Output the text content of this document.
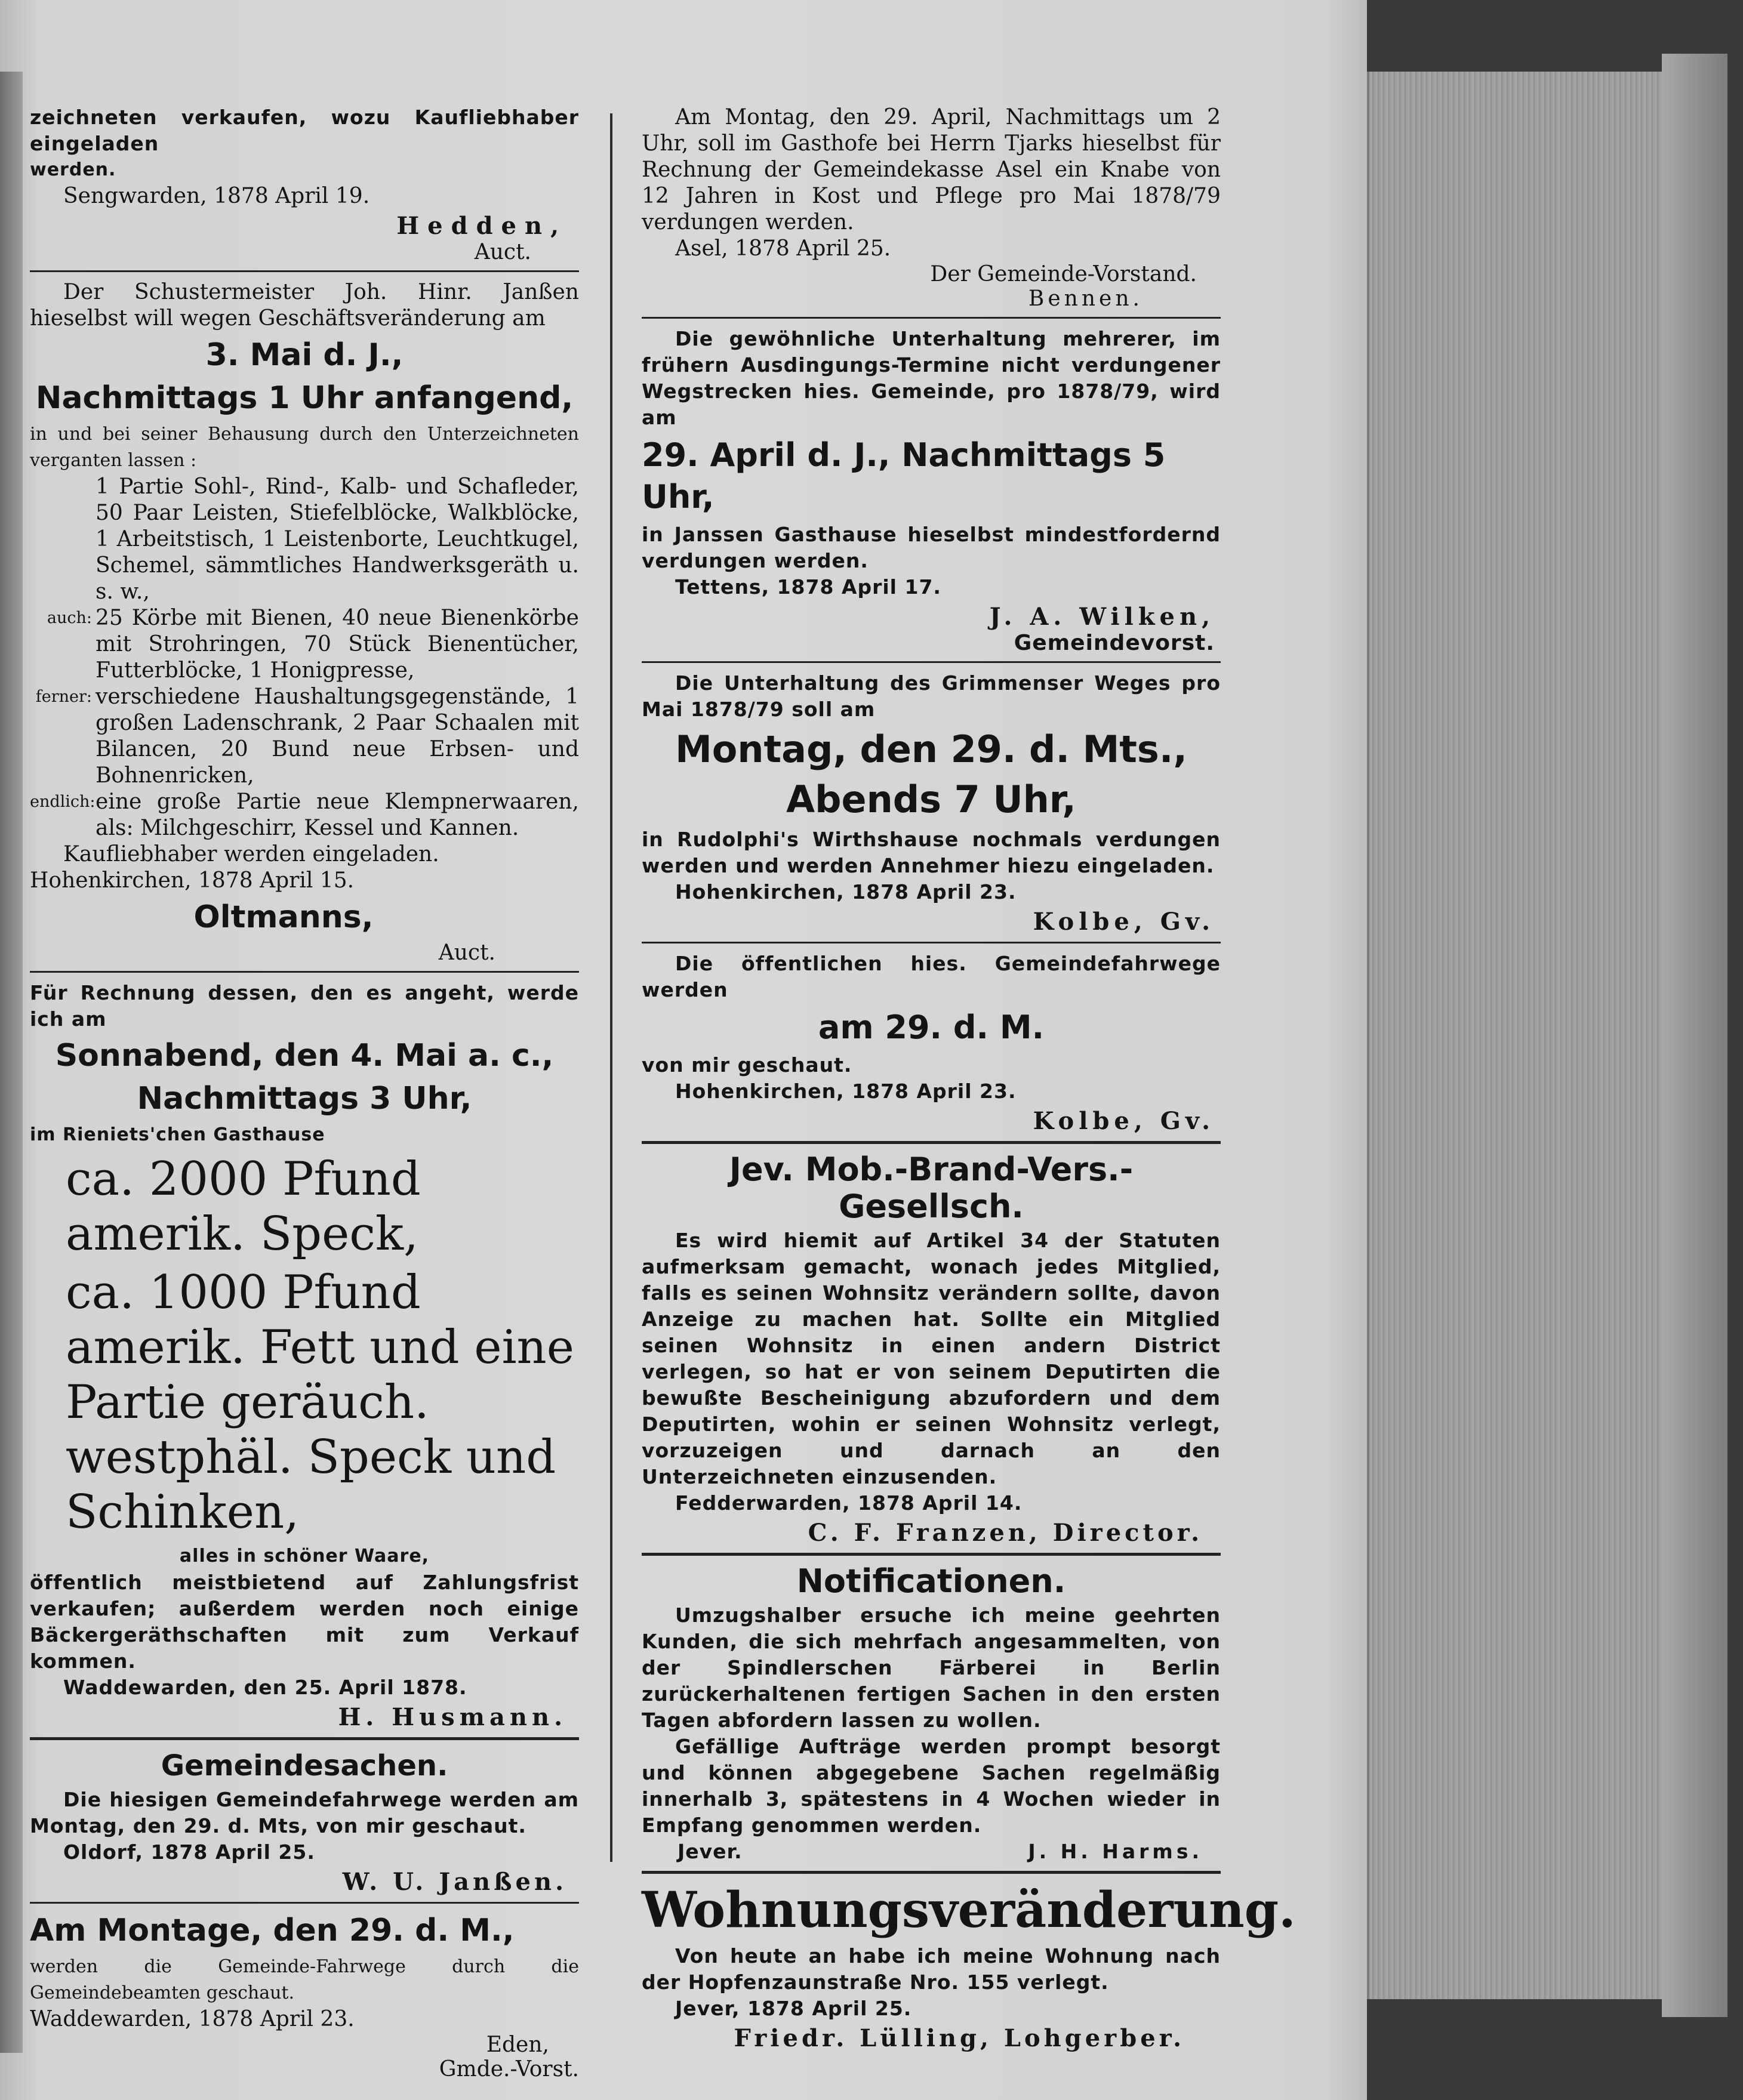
zeichneten verkaufen, wozu Kaufliebhaber eingeladen

werden.

Sengwarden, 1878 April 19.

Hedden,

Auct.

Der Schustermeister Joh. Hinr. Janßen hieselbst will wegen Geschäftsveränderung am

3. Mai d. J.,

Nachmittags 1 Uhr anfangend,

in und bei seiner Behausung durch den Unterzeichneten verganten lassen :

1 Partie Sohl-, Rind-, Kalb- und Schafleder, 50 Paar Leisten, Stiefelblöcke, Walkblöcke, 1 Arbeitstisch, 1 Leistenborte, Leuchtkugel, Schemel, sämmtliches Handwerksgeräth u. s. w.,
auch: 25 Körbe mit Bienen, 40 neue Bienenkörbe mit Strohringen, 70 Stück Bienentücher, Futterblöcke, 1 Honigpresse,
ferner: verschiedene Haushaltungsgegenstände, 1 großen Ladenschrank, 2 Paar Schaalen mit Bilancen, 20 Bund neue Erbsen- und Bohnenricken,
endlich: eine große Partie neue Klempnerwaaren, als: Milchgeschirr, Kessel und Kannen.

Kaufliebhaber werden eingeladen.

Hohenkirchen, 1878 April 15.

Oltmanns,

Auct.

Für Rechnung dessen, den es angeht, werde ich am

Sonnabend, den 4. Mai a. c.,

Nachmittags 3 Uhr,

im Rieniets'chen Gasthause

ca. 2000 Pfund amerik. Speck,

ca. 1000 Pfund amerik. Fett und eine Partie geräuch. westphäl. Speck und Schinken,

alles in schöner Waare,

öffentlich meistbietend auf Zahlungsfrist verkaufen; außerdem werden noch einige Bäckergeräthschaften mit zum Verkauf kommen.

Waddewarden, den 25. April 1878.

H. Husmann.

Gemeindesachen.

Die hiesigen Gemeindefahrwege werden am Montag, den 29. d. Mts, von mir geschaut.

Oldorf, 1878 April 25.

W. U. Janßen.

Am Montage, den 29. d. M.,

werden die Gemeinde-Fahrwege durch die Gemeindebeamten geschaut.

Waddewarden, 1878 April 23.

Eden,

Gmde.-Vorst.

Am Montag, den 29. April, Nachmittags um 2 Uhr, soll im Gasthofe bei Herrn Tjarks hieselbst für Rechnung der Gemeindekasse Asel ein Knabe von 12 Jahren in Kost und Pflege pro Mai 1878/79 verdungen werden.

Asel, 1878 April 25.

Der Gemeinde-Vorstand.

Bennen.

Die gewöhnliche Unterhaltung mehrerer, im frühern Ausdingungs-Termine nicht verdungener Wegstrecken hies. Gemeinde, pro 1878/79, wird am

29. April d. J., Nachmittags 5 Uhr,

in Janssen Gasthause hieselbst mindestfordernd verdungen werden.

Tettens, 1878 April 17.

J. A. Wilken,

Gemeindevorst.

Die Unterhaltung des Grimmenser Weges pro Mai 1878/79 soll am

Montag, den 29. d. Mts.,

Abends 7 Uhr,

in Rudolphi's Wirthshause nochmals verdungen werden und werden Annehmer hiezu eingeladen.

Hohenkirchen, 1878 April 23.

Kolbe, Gv.

Die öffentlichen hies. Gemeindefahrwege werden

am 29. d. M.

von mir geschaut.

Hohenkirchen, 1878 April 23.

Kolbe, Gv.

Jev. Mob.-Brand-Vers.-Gesellsch.

Es wird hiemit auf Artikel 34 der Statuten aufmerksam gemacht, wonach jedes Mitglied, falls es seinen Wohnsitz verändern sollte, davon Anzeige zu machen hat. Sollte ein Mitglied seinen Wohnsitz in einen andern District verlegen, so hat er von seinem Deputirten die bewußte Bescheinigung abzufordern und dem Deputirten, wohin er seinen Wohnsitz verlegt, vorzuzeigen und darnach an den Unterzeichneten einzusenden.

Fedderwarden, 1878 April 14.

C. F. Franzen, Director.

Notificationen.

Umzugshalber ersuche ich meine geehrten Kunden, die sich mehrfach angesammelten, von der Spindlerschen Färberei in Berlin zurückerhaltenen fertigen Sachen in den ersten Tagen abfordern lassen zu wollen.

Gefällige Aufträge werden prompt besorgt und können abgegebene Sachen regelmäßig innerhalb 3, spätestens in 4 Wochen wieder in Empfang genommen werden.

Jever.	J. H. Harms.

Wohnungsveränderung.

Von heute an habe ich meine Wohnung nach der Hopfenzaunstraße Nro. 155 verlegt.

Jever, 1878 April 25.

Friedr. Lülling, Lohgerber.
